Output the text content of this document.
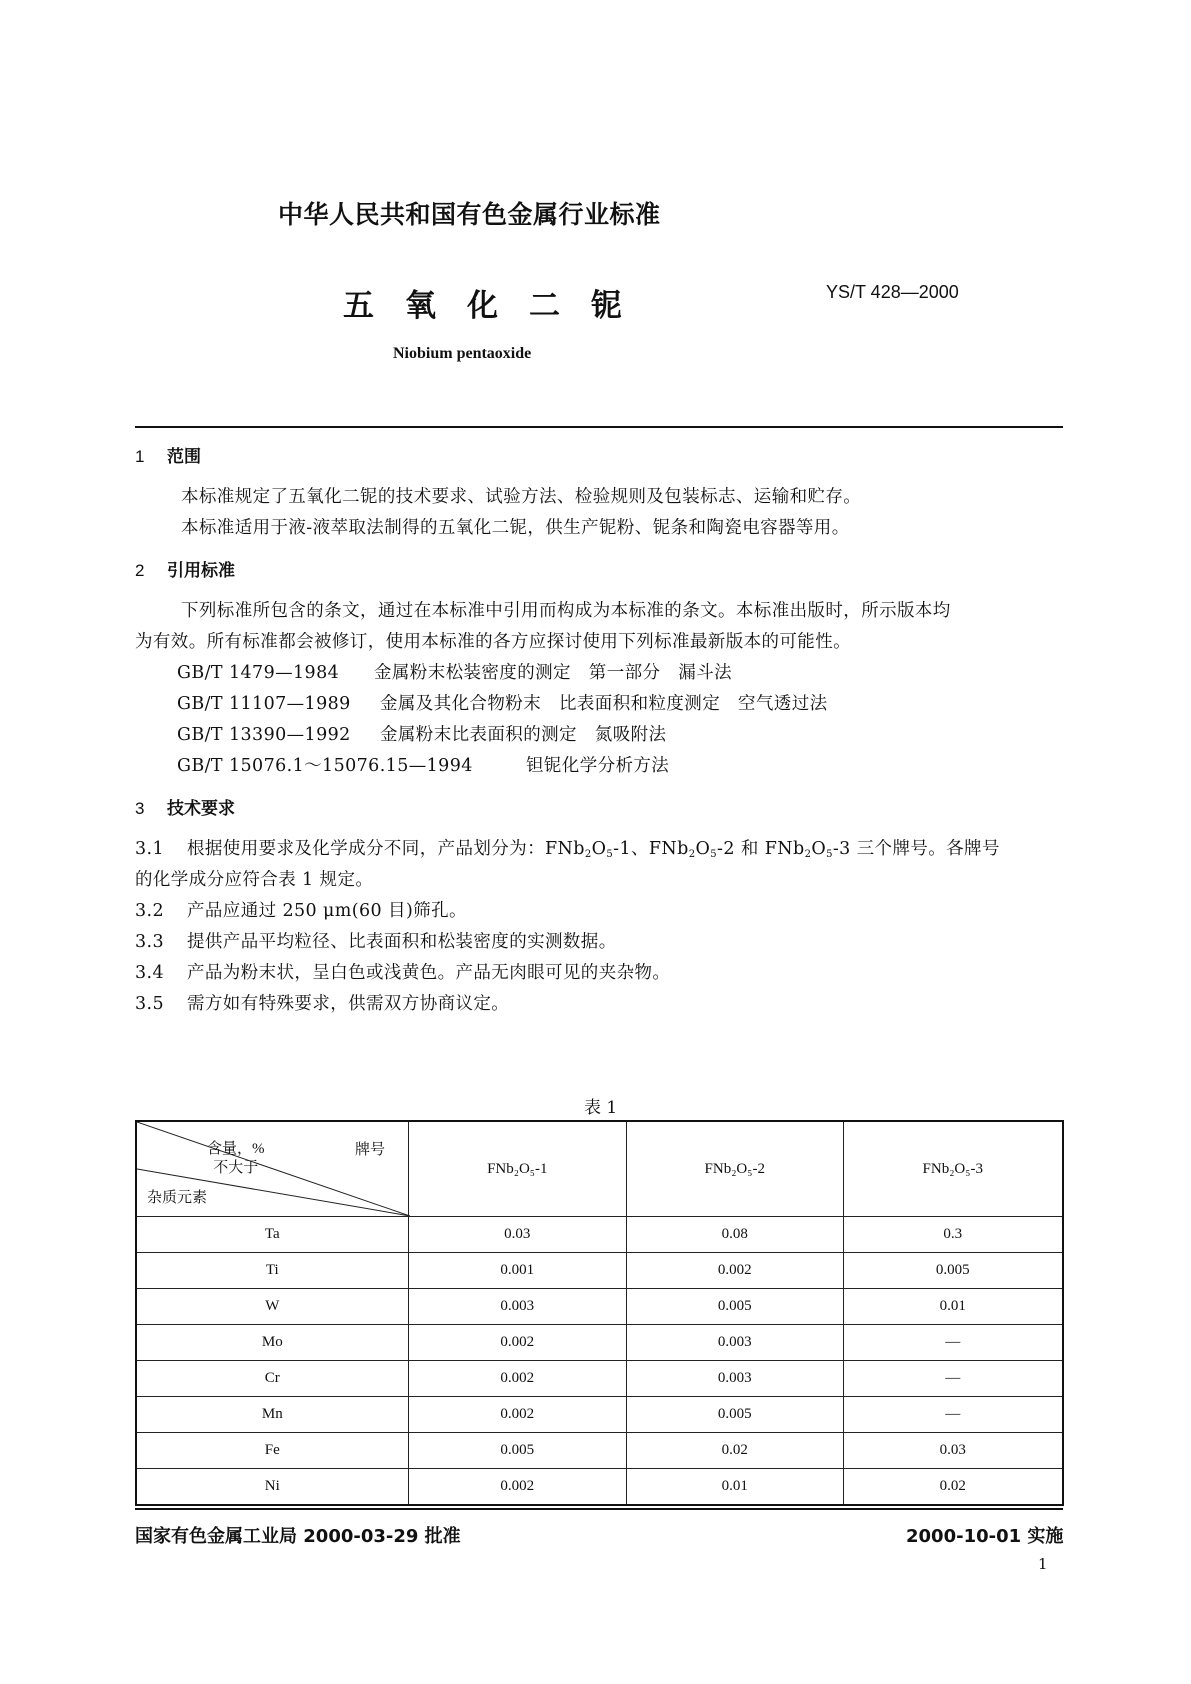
中华人民共和国有色金属行业标准
五氧化二铌	YS/T 428—2000
Niobium pentaoxide
1 范围
本标准规定了五氧化二铌的技术要求、试验方法、检验规则及包装标志、运输和贮存。
本标准适用于液-液萃取法制得的五氧化二铌，供生产铌粉、铌条和陶瓷电容器等用。
2 引用标准
下列标准所包含的条文，通过在本标准中引用而构成为本标准的条文。本标准出版时，所示版本均
为有效。所有标准都会被修订，使用本标准的各方应探讨使用下列标准最新版本的可能性。
GB/T 1479—1984 金属粉末松装密度的测定　第一部分　漏斗法
GB/T 11107—1989 金属及其化合物粉末　比表面积和粒度测定　空气透过法
GB/T 13390—1992 金属粉末比表面积的测定　氮吸附法
GB/T 15076.1～15076.15—1994	钽铌化学分析方法
3 技术要求
3.1 根据使用要求及化学成分不同，产品划分为：$FNb_2O_5-1$、$FNb_2O_5-2$ 和 $FNb_2O_5-3$ 三个牌号。各牌号
的化学成分应符合表 1 规定。
3.2 产品应通过 250 μm(60 目)筛孔。
3.3 提供产品平均粒径、比表面积和松装密度的实测数据。
3.4 产品为粉末状，呈白色或浅黄色。产品无肉眼可见的夹杂物。
3.5 需方如有特殊要求，供需双方协商议定。
表 1
牌号
含量，%
不大于
杂质元素	FNb₂O₅-1	FNb₂O₅-2	FNb₂O₅-3
Ta	0.03	0.08	0.3
Ti	0.001	0.002	0.005
W	0.003	0.005	0.01
Mo	0.002	0.003	—
Cr	0.002	0.003	—
Mn	0.002	0.005	—
Fe	0.005	0.02	0.03
Ni	0.002	0.01	0.02
国家有色金属工业局 2000-03-29 批准	2000-10-01 实施
1
